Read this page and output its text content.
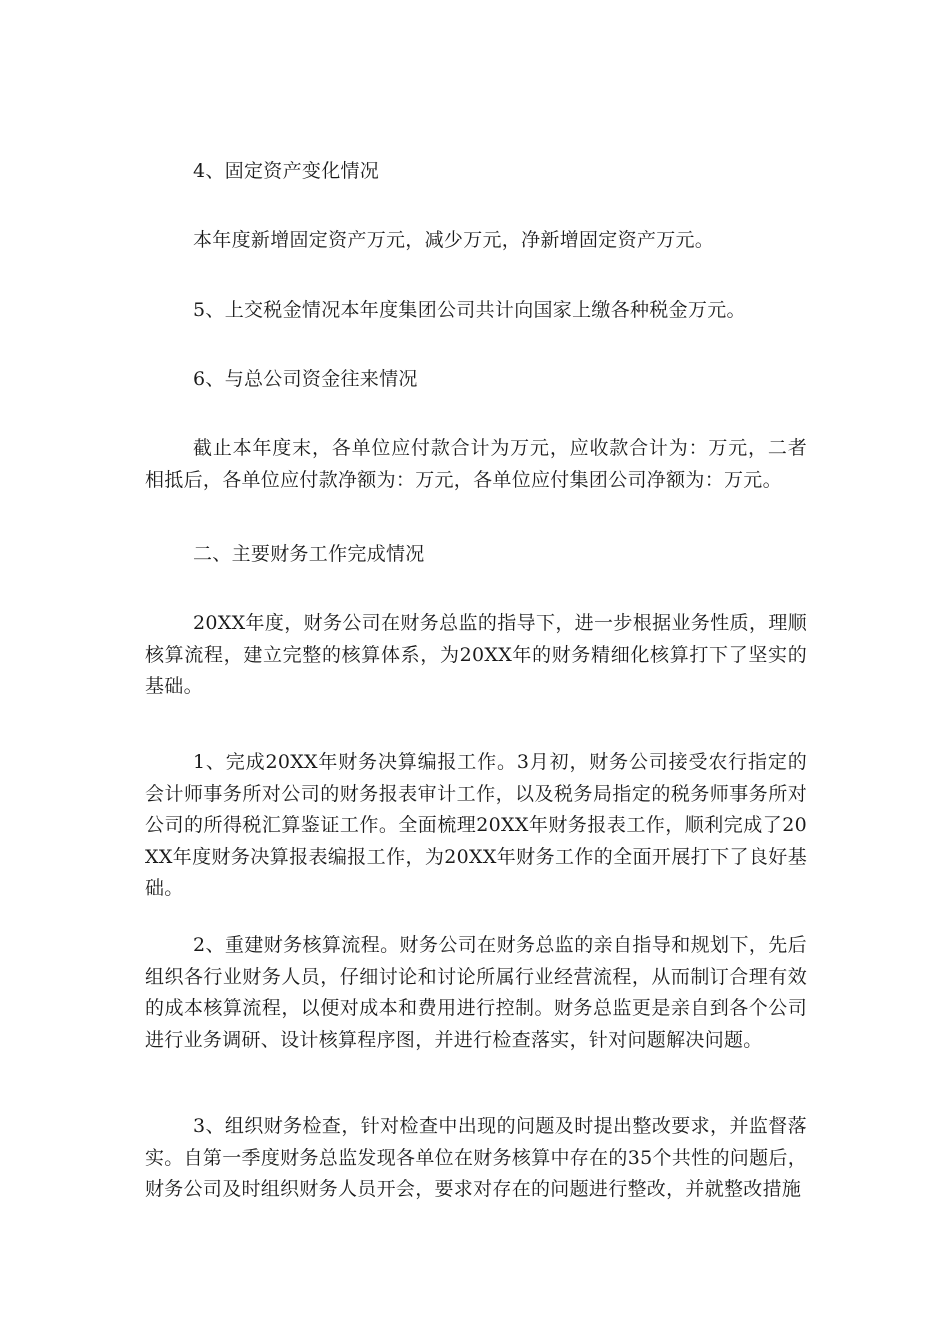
4、固定资产变化情况

本年度新增固定资产万元，减少万元，净新增固定资产万元。

5、上交税金情况本年度集团公司共计向国家上缴各种税金万元。

6、与总公司资金往来情况

截止本年度末，各单位应付款合计为万元，应收款合计为：万元，二者相抵后，各单位应付款净额为：万元，各单位应付集团公司净额为：万元。

二、主要财务工作完成情况

20XX年度，财务公司在财务总监的指导下，进一步根据业务性质，理顺核算流程，建立完整的核算体系，为20XX年的财务精细化核算打下了坚实的基础。

1、完成20XX年财务决算编报工作。3月初，财务公司接受农行指定的会计师事务所对公司的财务报表审计工作，以及税务局指定的税务师事务所对公司的所得税汇算鉴证工作。全面梳理20XX年财务报表工作，顺利完成了20XX年度财务决算报表编报工作，为20XX年财务工作的全面开展打下了良好基础。

2、重建财务核算流程。财务公司在财务总监的亲自指导和规划下，先后组织各行业财务人员，仔细讨论和讨论所属行业经营流程，从而制订合理有效的成本核算流程，以便对成本和费用进行控制。财务总监更是亲自到各个公司进行业务调研、设计核算程序图，并进行检查落实，针对问题解决问题。

3、组织财务检查，针对检查中出现的问题及时提出整改要求，并监督落实。自第一季度财务总监发现各单位在财务核算中存在的35个共性的问题后，财务公司及时组织财务人员开会，要求对存在的问题进行整改，并就整改措施
